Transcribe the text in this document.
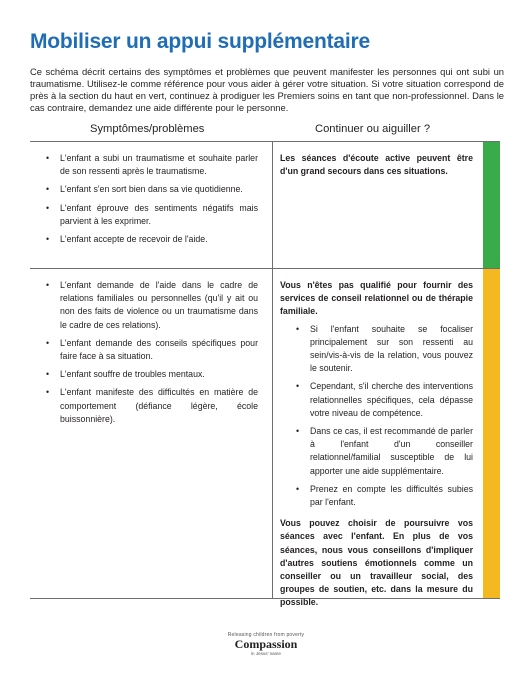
Mobiliser un appui supplémentaire

Ce schéma décrit certains des symptômes et problèmes que peuvent manifester les personnes qui ont subi un traumatisme. Utilisez-le comme référence pour vous aider à gérer votre situation. Si votre situation correspond de près à la section du haut en vert, continuez à prodiguer les Premiers soins en tant que non-professionnel. Dans le cas contraire, demandez une aide différente pour le personne.

Symptômes/problèmes	Continuer ou aiguiller ?
• L'enfant a subi un traumatisme et souhaite parler de son ressenti après le traumatisme.
• L'enfant s'en sort bien dans sa vie quotidienne.
• L'enfant éprouve des sentiments négatifs mais parvient à les exprimer.
• L'enfant accepte de recevoir de l'aide.

Les séances d'écoute active peuvent être d'un grand secours dans ces situations.

• L'enfant demande de l'aide dans le cadre de relations familiales ou personnelles (qu'il y ait ou non des faits de violence ou un traumatisme dans le cadre de ces relations).
• L'enfant demande des conseils spécifiques pour faire face à sa situation.
• L'enfant souffre de troubles mentaux.
• L'enfant manifeste des difficultés en matière de comportement (défiance légère, école buissonnière).

Vous n'êtes pas qualifié pour fournir des services de conseil relationnel ou de thérapie familiale.

• Si l'enfant souhaite se focaliser principalement sur son ressenti au sein/vis-à-vis de la relation, vous pouvez le soutenir.
• Cependant, s'il cherche des interventions relationnelles spécifiques, cela dépasse votre niveau de compétence.
• Dans ce cas, il est recommandé de parler à l'enfant d'un conseiller relationnel/familial susceptible de lui apporter une aide supplémentaire.
• Prenez en compte les difficultés subies par l'enfant.

Vous pouvez choisir de poursuivre vos séances avec l'enfant. En plus de vos séances, nous vous conseillons d'impliquer d'autres soutiens émotionnels comme un conseiller ou un travailleur social, des groupes de soutien, etc. dans la mesure du possible.

Releasing children from poverty
Compassion
in Jesus' name
